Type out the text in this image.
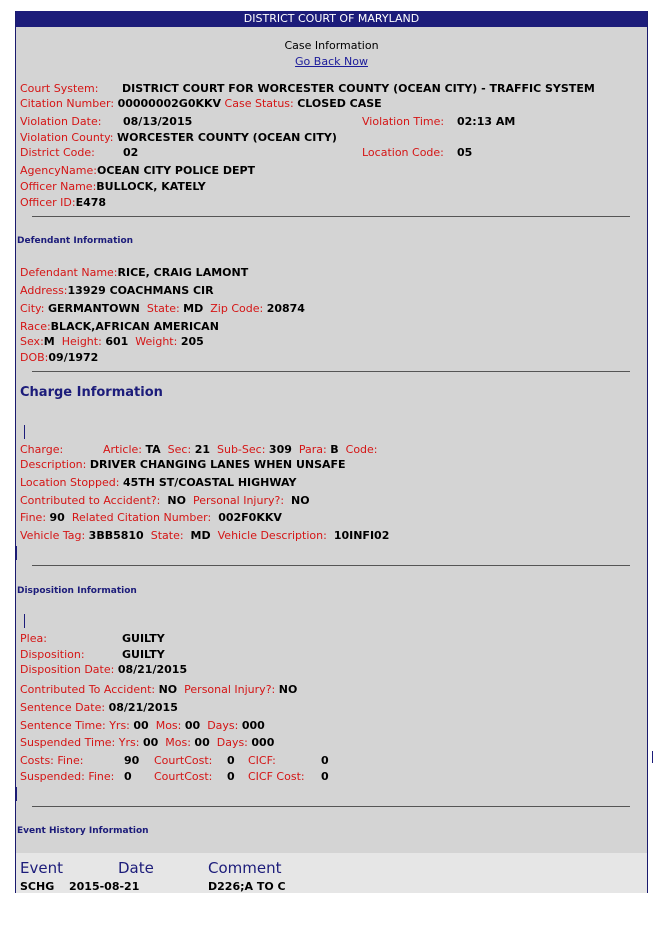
DISTRICT COURT OF MARYLAND
Case Information
Go Back Now
Court System: DISTRICT COURT FOR WORCESTER COUNTY (OCEAN CITY) - TRAFFIC SYSTEM
Citation Number: 00000002G0KKV Case Status: CLOSED CASE
Violation Date: 08/13/2015	Violation Time: 02:13 AM
Violation County: WORCESTER COUNTY (OCEAN CITY)
District Code:	02	Location Code: 05
AgencyName:OCEAN CITY POLICE DEPT
Officer Name:BULLOCK, KATELY
Officer ID:E478
Defendant Information
Defendant Name:RICE, CRAIG LAMONT
Address:13929 COACHMANS CIR
City: GERMANTOWN State: MD Zip Code: 20874
Race:BLACK,AFRICAN AMERICAN
Sex:M Height: 601 Weight: 205
DOB:09/1972
Charge Information
Charge:	Article: TA Sec: 21 Sub-Sec: 309 Para: B Code:
Description: DRIVER CHANGING LANES WHEN UNSAFE
Location Stopped: 45TH ST/COASTAL HIGHWAY
Contributed to Accident?: NO Personal Injury?: NO
Fine: 90 Related Citation Number: 002F0KKV
Vehicle Tag: 3BB5810 State: MD Vehicle Description: 10INFI02
Disposition Information
Plea:	GUILTY
Disposition:	GUILTY
Disposition Date: 08/21/2015
Contributed To Accident: NO Personal Injury?: NO
Sentence Date: 08/21/2015
Sentence Time: Yrs: 00 Mos: 00 Days: 000
Suspended Time: Yrs: 00 Mos: 00 Days: 000
Costs: Fine:	90 CourtCost: 0 CICF:	0
Suspended: Fine: 0 CourtCost: 0 CICF Cost: 0
Event History Information
Event	Date	Comment
SCHG 2015-08-21	D226;A TO C
